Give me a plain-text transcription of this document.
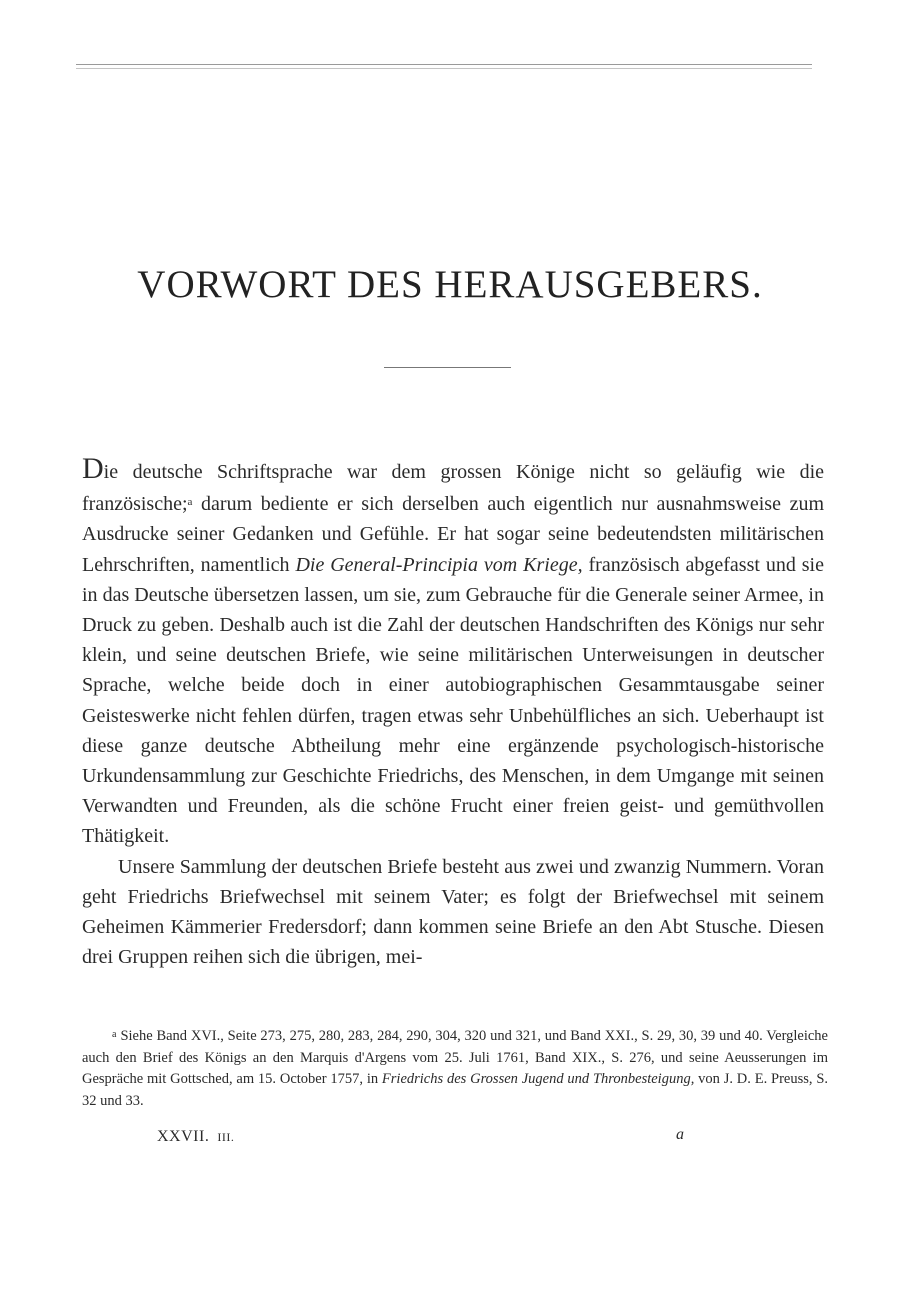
VORWORT DES HERAUSGEBERS.

Die deutsche Schriftsprache war dem grossen Könige nicht so geläufig wie die französische;$^a$ darum bediente er sich derselben auch eigentlich nur ausnahmsweise zum Ausdrucke seiner Gedanken und Gefühle. Er hat sogar seine bedeutendsten militärischen Lehrschriften, namentlich Die General-Principia vom Kriege, französisch abgefasst und sie in das Deutsche übersetzen lassen, um sie, zum Gebrauche für die Generale seiner Armee, in Druck zu geben. Deshalb auch ist die Zahl der deutschen Handschriften des Königs nur sehr klein, und seine deutschen Briefe, wie seine militärischen Unterweisungen in deutscher Sprache, welche beide doch in einer autobiographischen Gesammtausgabe seiner Geisteswerke nicht fehlen dürfen, tragen etwas sehr Unbehülfliches an sich. Ueberhaupt ist diese ganze deutsche Abtheilung mehr eine ergänzende psychologisch-historische Urkundensammlung zur Geschichte Friedrichs, des Menschen, in dem Umgange mit seinen Verwandten und Freunden, als die schöne Frucht einer freien geist- und gemüthvollen Thätigkeit.

Unsere Sammlung der deutschen Briefe besteht aus zwei und zwanzig Nummern. Voran geht Friedrichs Briefwechsel mit seinem Vater; es folgt der Briefwechsel mit seinem Geheimen Kämmerier Fredersdorf; dann kommen seine Briefe an den Abt Stusche. Diesen drei Gruppen reihen sich die übrigen, mei-

$^a$ Siehe Band XVI., Seite 273, 275, 280, 283, 284, 290, 304, 320 und 321, und Band XXI., S. 29, 30, 39 und 40. Vergleiche auch den Brief des Königs an den Marquis d'Argens vom 25. Juli 1761, Band XIX., S. 276, und seine Aeusserungen im Gespräche mit Gottsched, am 15. October 1757, in Friedrichs des Grossen Jugend und Thronbesteigung, von J. D. E. Preuss, S. 32 und 33.

XXVII. III.	a
